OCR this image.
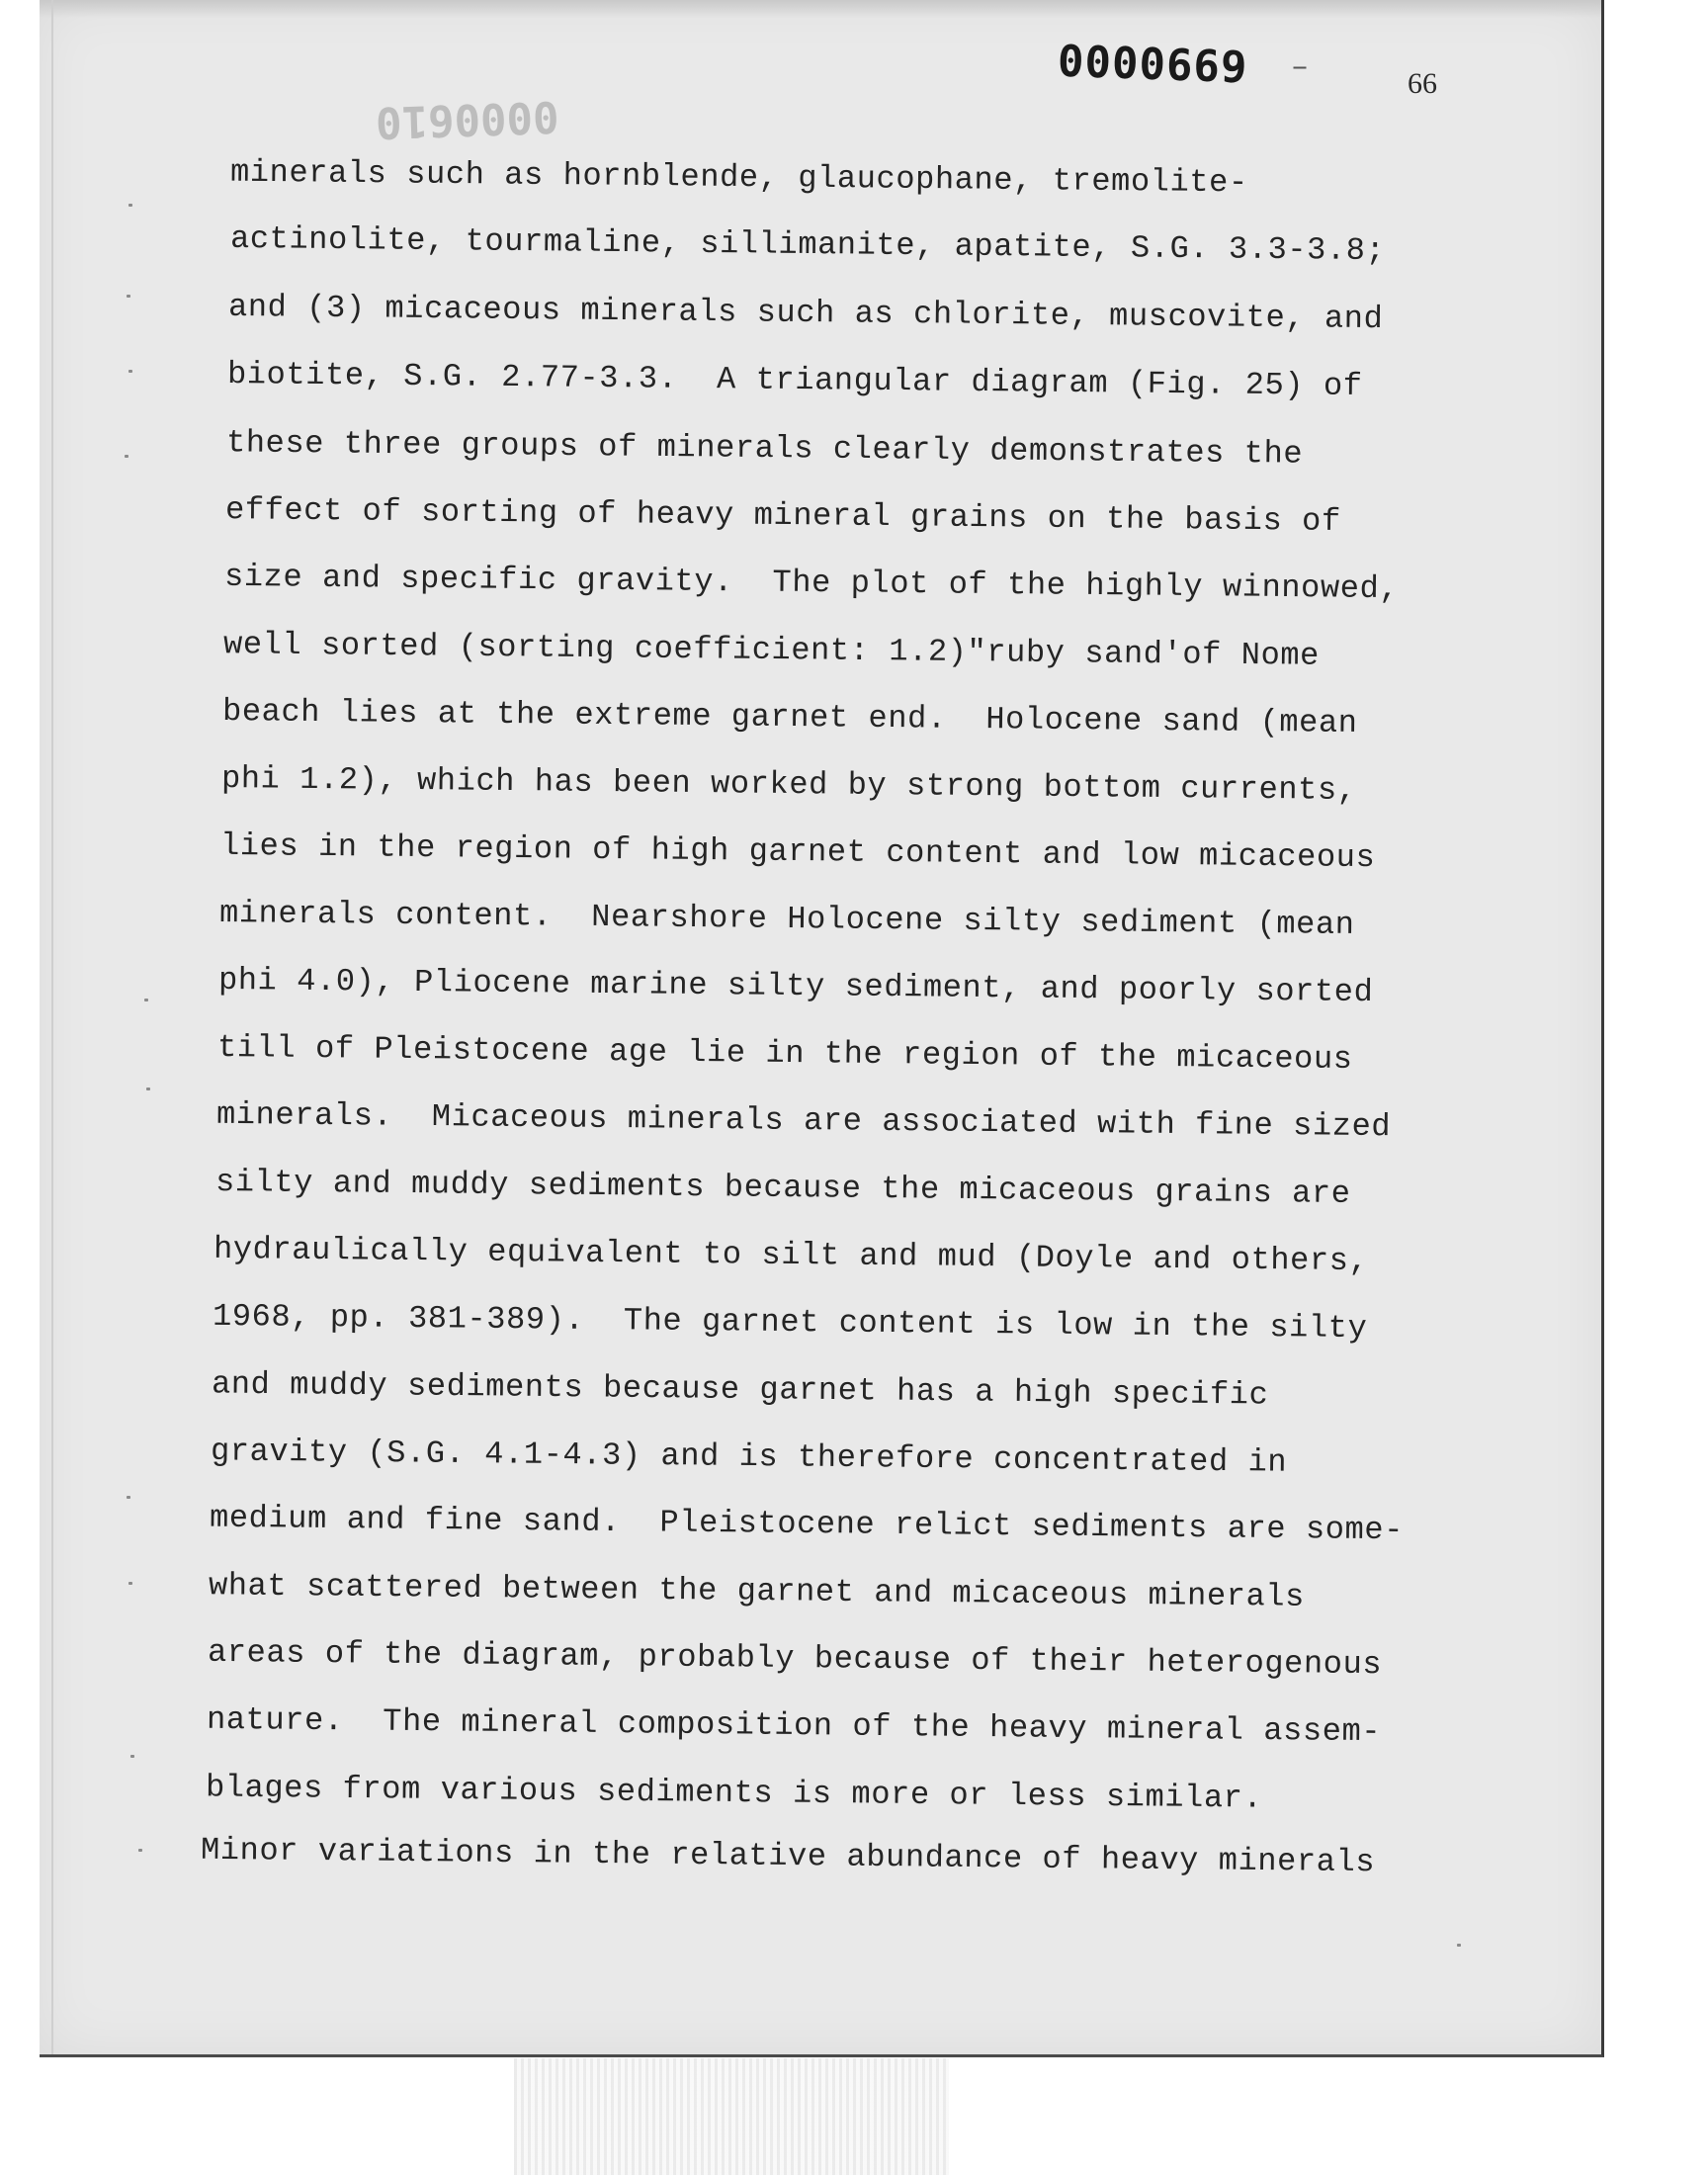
0000610
0000669 –	66
minerals such as hornblende, glaucophane, tremolite-
actinolite, tourmaline, sillimanite, apatite, S.G. 3.3-3.8;
and (3) micaceous minerals such as chlorite, muscovite, and
biotite, S.G. 2.77-3.3.  A triangular diagram (Fig. 25) of
these three groups of minerals clearly demonstrates the
effect of sorting of heavy mineral grains on the basis of
size and specific gravity.  The plot of the highly winnowed,
well sorted (sorting coefficient: 1.2)"ruby sand'of Nome
beach lies at the extreme garnet end.  Holocene sand (mean
phi 1.2), which has been worked by strong bottom currents,
lies in the region of high garnet content and low micaceous
minerals content.  Nearshore Holocene silty sediment (mean
phi 4.0), Pliocene marine silty sediment, and poorly sorted
till of Pleistocene age lie in the region of the micaceous
minerals.  Micaceous minerals are associated with fine sized
silty and muddy sediments because the micaceous grains are
hydraulically equivalent to silt and mud (Doyle and others,
1968, pp. 381-389).  The garnet content is low in the silty
and muddy sediments because garnet has a high specific
gravity (S.G. 4.1-4.3) and is therefore concentrated in
medium and fine sand.  Pleistocene relict sediments are some-
what scattered between the garnet and micaceous minerals
areas of the diagram, probably because of their heterogenous
nature.  The mineral composition of the heavy mineral assem-
blages from various sediments is more or less similar.
Minor variations in the relative abundance of heavy minerals
